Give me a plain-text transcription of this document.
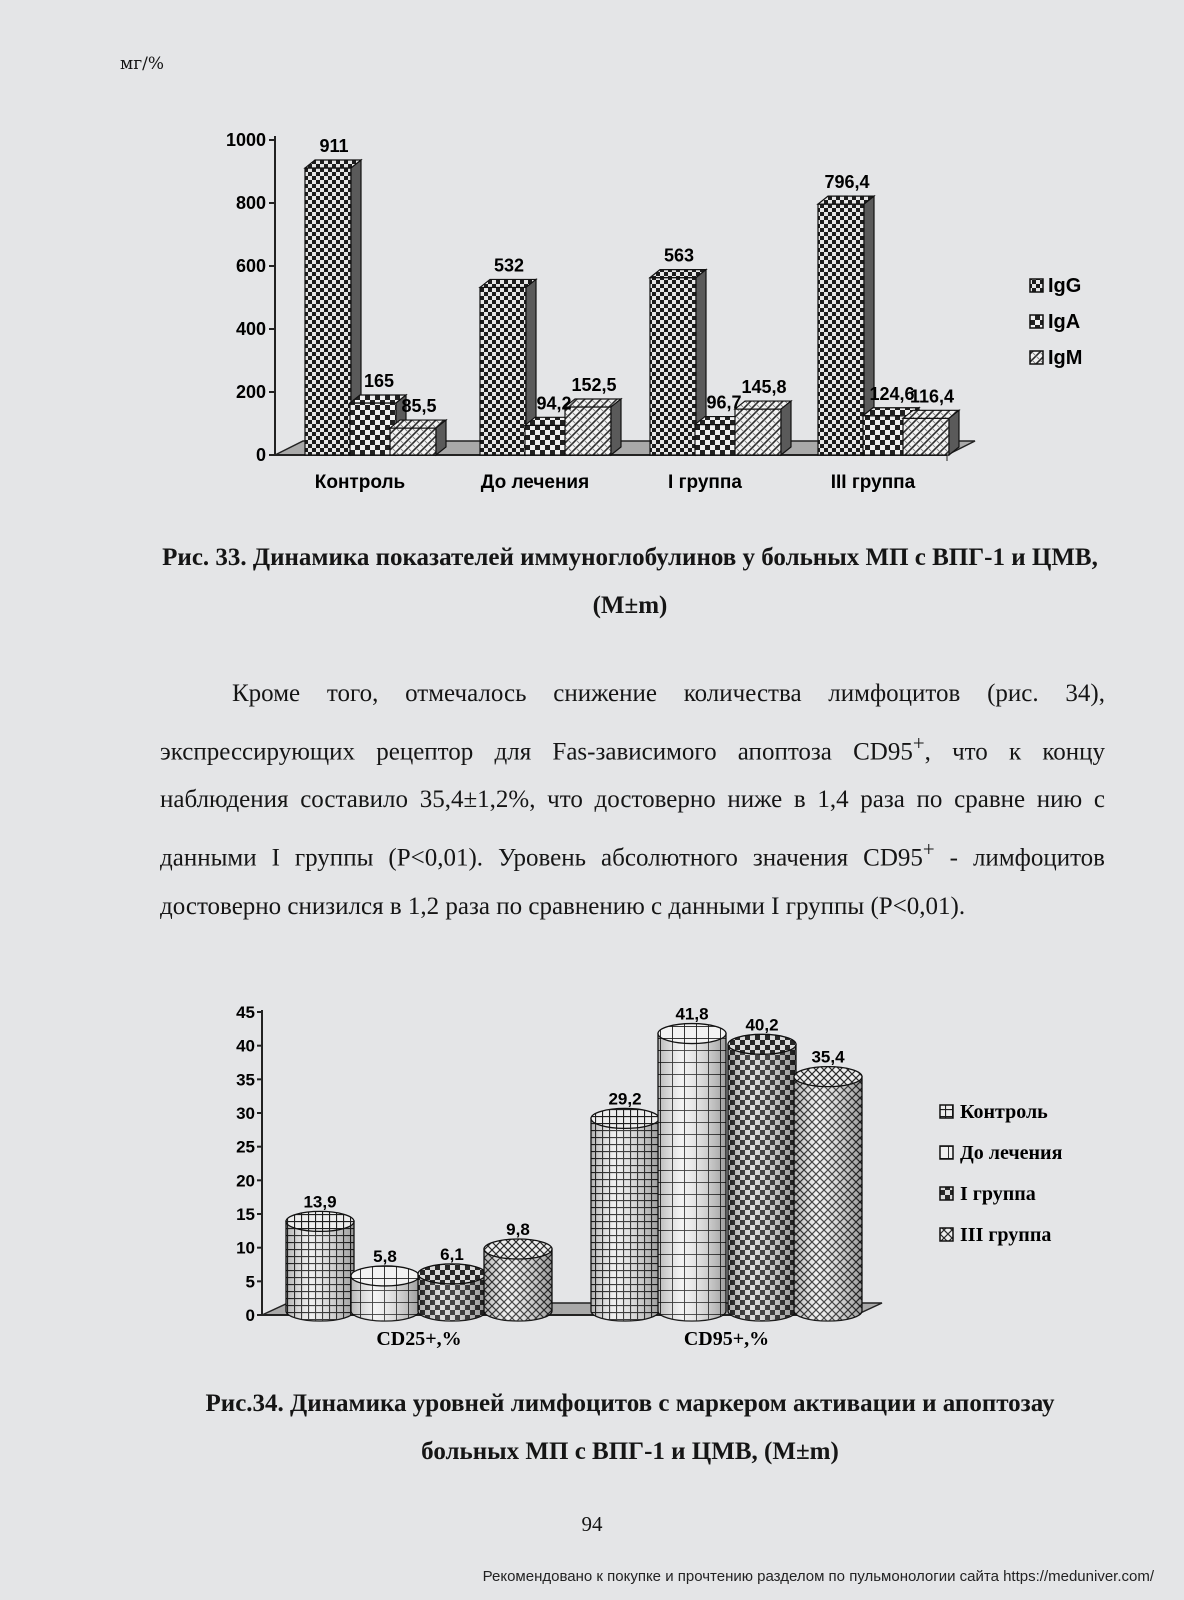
мг/%
0
200
400
600
800
1000	911
165
85,5
Контроль
532
94,2
152,5
До лечения
563
96,7
145,8
I группа
796,4
124,6
116,4
III группа
IgG
IgA
IgM

Рис. 33. Динамика показателей иммуноглобулинов у больных МП с ВПГ-1 и ЦМВ, (M±m)

Кроме того, отмечалось снижение количества лимфоцитов (рис. 34), экспрессирующих рецептор для Fas-зависимого апоптоза CD95+, что к концу наблюдения составило 35,4±1,2%, что достоверно ниже в 1,4 раза по сравне нию с данными I группы (P<0,01). Уровень абсолютного значения CD95+ - лимфоцитов достоверно снизился в 1,2 раза по сравнению с данными I группы (P<0,01).

0
5
10
15
20
25
30
35
40
45
13,9
5,8	6,1
9,8
CD25+,%
29,2
41,8
40,2
35,4
CD95+,%
Контроль
До лечения
I группа
III группа

Рис.34. Динамика уровней лимфоцитов с маркером активации и апоптозау больных МП с ВПГ-1 и ЦМВ, (M±m)

94
Рекомендовано к покупке и прочтению разделом по пульмонологии сайта https://meduniver.com/
